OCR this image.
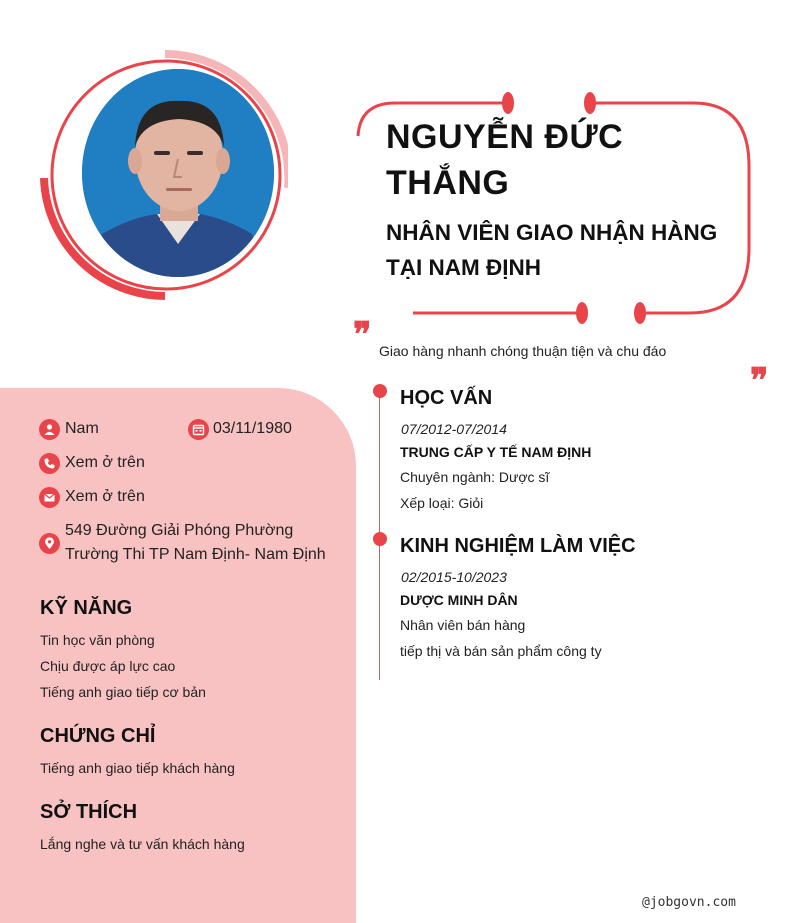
NGUYỄN ĐỨC
THẮNG
NHÂN VIÊN GIAO NHẬN HÀNG
TẠI NAM ĐỊNH
❞ Giao hàng nhanh chóng thuận tiện và chu đáo
❞
Nam	03/11/1980
Xem ở trên
Xem ở trên
549 Đường Giải Phóng Phường
Trường Thi TP Nam Định- Nam Định
KỸ NĂNG
Tin học văn phòng
Chịu được áp lực cao
Tiếng anh giao tiếp cơ bản
CHỨNG CHỈ
Tiếng anh giao tiếp khách hàng
SỞ THÍCH
Lắng nghe và tư vấn khách hàng
HỌC VẤN
07/2012-07/2014
TRUNG CẤP Y TẾ NAM ĐỊNH
Chuyên ngành: Dược sĩ
Xếp loại: Giỏi
KINH NGHIỆM LÀM VIỆC
02/2015-10/2023
DƯỢC MINH DÂN
Nhân viên bán hàng
tiếp thị và bán sản phẩm công ty
@jobgovn.com
